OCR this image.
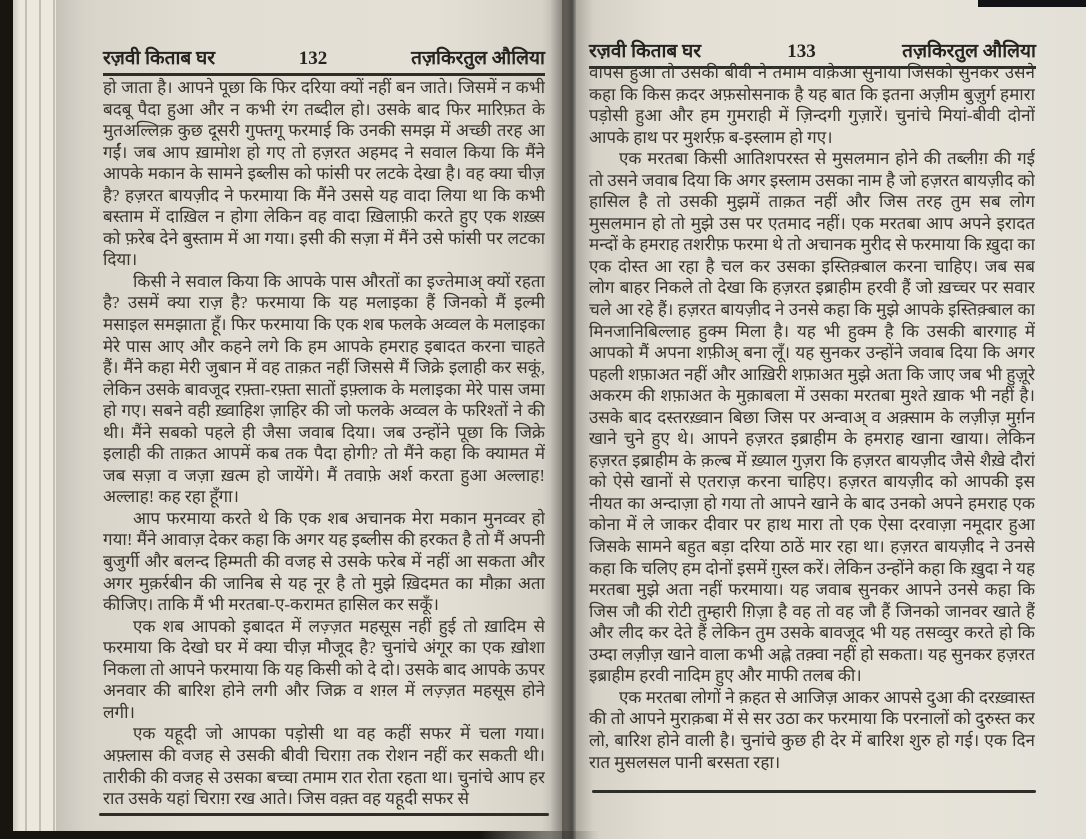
रज़वी किताब घर	132	तज़किरतुल औलिया रज़वी किताब घर	133	तज़किरतुल औलिया

हो जाता है। आपने पूछा कि फिर दरिया क्यों नहीं बन जाते। जिसमें न कभी बदबू पैदा हुआ और न कभी रंग तब्दील हो। उसके बाद फिर मारिफ़त के मुतअल्लिक़ कुछ दूसरी गुफ्तगू फरमाई कि उनकी समझ में अच्छी तरह आ गईं। जब आप ख़ामोश हो गए तो हज़रत अहमद ने सवाल किया कि मैंने आपके मकान के सामने इब्लीस को फांसी पर लटके देखा है। वह क्या चीज़ है? हज़रत बायज़ीद ने फरमाया कि मैंने उससे यह वादा लिया था कि कभी बस्ताम में दाख़िल न होगा लेकिन वह वादा ख़िलाफ़ी करते हुए एक शख़्स को फ़रेब देने बुस्ताम में आ गया। इसी की सज़ा में मैंने उसे फांसी पर लटका दिया।

किसी ने सवाल किया कि आपके पास औरतों का इज्तेमाअ् क्यों रहता है? उसमें क्या राज़ है? फरमाया कि यह मलाइका हैं जिनको मैं इल्मी मसाइल समझाता हूँ। फिर फरमाया कि एक शब फलके अव्वल के मलाइका मेरे पास आए और कहने लगे कि हम आपके हमराह इबादत करना चाहते हैं। मैंने कहा मेरी जुबान में वह ताक़त नहीं जिससे मैं जिक्रे इलाही कर सकूं, लेकिन उसके बावजूद रफ़्ता-रफ़्ता सातों इफ़्लाक के मलाइका मेरे पास जमा हो गए। सबने वही ख़्वाहिश ज़ाहिर की जो फलके अव्वल के फरिश्तों ने की थी। मैंने सबको पहले ही जैसा जवाब दिया। जब उन्होंने पूछा कि जिक्रे इलाही की ताक़त आपमें कब तक पैदा होगी? तो मैंने कहा कि क्यामत में जब सज़ा व जज़ा ख़त्म हो जायेंगे। मैं तवाफ़े अर्श करता हुआ अल्लाह! अल्लाह! कह रहा हूँगा।

आप फरमाया करते थे कि एक शब अचानक मेरा मकान मुनव्वर हो गया! मैंने आवाज़ देकर कहा कि अगर यह इब्लीस की हरकत है तो मैं अपनी बुजुर्गी और बलन्द हिम्मती की वजह से उसके फरेब में नहीं आ सकता और अगर मुक़र्रबीन की जानिब से यह नूर है तो मुझे ख़िदमत का मौक़ा अता कीजिए। ताकि मैं भी मरतबा-ए-करामत हासिल कर सकूँ।

एक शब आपको इबादत में लज़्ज़त महसूस नहीं हुई तो ख़ादिम से फरमाया कि देखो घर में क्या चीज़ मौजूद है? चुनांचे अंगूर का एक ख़ोशा निकला तो आपने फरमाया कि यह किसी को दे दो। उसके बाद आपके ऊपर अनवार की बारिश होने लगी और जिक्र व शग़्ल में लज़्ज़त महसूस होने लगी।

एक यहूदी जो आपका पड़ोसी था वह कहीं सफर में चला गया। अफ़्लास की वजह से उसकी बीवी चिराग़ तक रोशन नहीं कर सकती थी। तारीकी की वजह से उसका बच्चा तमाम रात रोता रहता था। चुनांचे आप हर रात उसके यहां चिराग़ रख आते। जिस वक़्त वह यहूदी सफर से

वापस हुआ तो उसकी बीवी ने तमाम वाक़ेआ सुनाया जिसको सुनकर उसने कहा कि किस क़दर अफ़सोसनाक है यह बात कि इतना अज़ीम बुज़ुर्ग हमारा पड़ोसी हुआ और हम गुमराही में ज़िन्दगी गुज़ारें। चुनांचे मियां-बीवी दोनों आपके हाथ पर मुशर्रफ़ ब-इस्लाम हो गए।

एक मरतबा किसी आतिशपरस्त से मुसलमान होने की तब्लीग़ की गई तो उसने जवाब दिया कि अगर इस्लाम उसका नाम है जो हज़रत बायज़ीद को हासिल है तो उसकी मुझमें ताक़त नहीं और जिस तरह तुम सब लोग मुसलमान हो तो मुझे उस पर एतमाद नहीं। एक मरतबा आप अपने इरादत मन्दों के हमराह तशरीफ़ फरमा थे तो अचानक मुरीद से फरमाया कि ख़ुदा का एक दोस्त आ रहा है चल कर उसका इस्तिक़्बाल करना चाहिए। जब सब लोग बाहर निकले तो देखा कि हज़रत इब्राहीम हरवी हैं जो ख़च्चर पर सवार चले आ रहे हैं। हज़रत बायज़ीद ने उनसे कहा कि मुझे आपके इस्तिक़्बाल का मिनजानिबिल्लाह हुक्म मिला है। यह भी हुक्म है कि उसकी बारगाह में आपको मैं अपना शफ़ीअ् बना लूँ। यह सुनकर उन्होंने जवाब दिया कि अगर पहली शफ़ाअत नहीं और आख़िरी शफ़ाअत मुझे अता कि जाए जब भी हुज़ूरे अकरम की शफ़ाअत के मुक़ाबला में उसका मरतबा मुश्ते ख़ाक भी नहीं है। उसके बाद दस्तरख़्वान बिछा जिस पर अन्वाअ् व अक़्साम के लज़ीज़ मुर्ग़न खाने चुने हुए थे। आपने हज़रत इब्राहीम के हमराह खाना खाया। लेकिन हज़रत इब्राहीम के क़ल्ब में ख़्याल गुज़रा कि हज़रत बायज़ीद जैसे शैख़े दौरां को ऐसे खानों से एतराज़ करना चाहिए। हज़रत बायज़ीद को आपकी इस नीयत का अन्दाज़ा हो गया तो आपने खाने के बाद उनको अपने हमराह एक कोना में ले जाकर दीवार पर हाथ मारा तो एक ऐसा दरवाज़ा नमूदार हुआ जिसके सामने बहुत बड़ा दरिया ठाठें मार रहा था। हज़रत बायज़ीद ने उनसे कहा कि चलिए हम दोनों इसमें ग़ुस्ल करें। लेकिन उन्होंने कहा कि ख़ुदा ने यह मरतबा मुझे अता नहीं फरमाया। यह जवाब सुनकर आपने उनसे कहा कि जिस जौ की रोटी तुम्हारी ग़िज़ा है वह तो वह जौ हैं जिनको जानवर खाते हैं और लीद कर देते हैं लेकिन तुम उसके बावजूद भी यह तसव्वुर करते हो कि उम्दा लज़ीज़ खाने वाला कभी अह्ले तक़्वा नहीं हो सकता। यह सुनकर हज़रत इब्राहीम हरवी नादिम हुए और माफी तलब की।

एक मरतबा लोगों ने क़हत से आजिज़ आकर आपसे दुआ की दरख़्वास्त की तो आपने मुराक़बा में से सर उठा कर फरमाया कि परनालों को दुरुस्त कर लो, बारिश होने वाली है। चुनांचे कुछ ही देर में बारिश शुरु हो गई। एक दिन रात मुसलसल पानी बरसता रहा।
